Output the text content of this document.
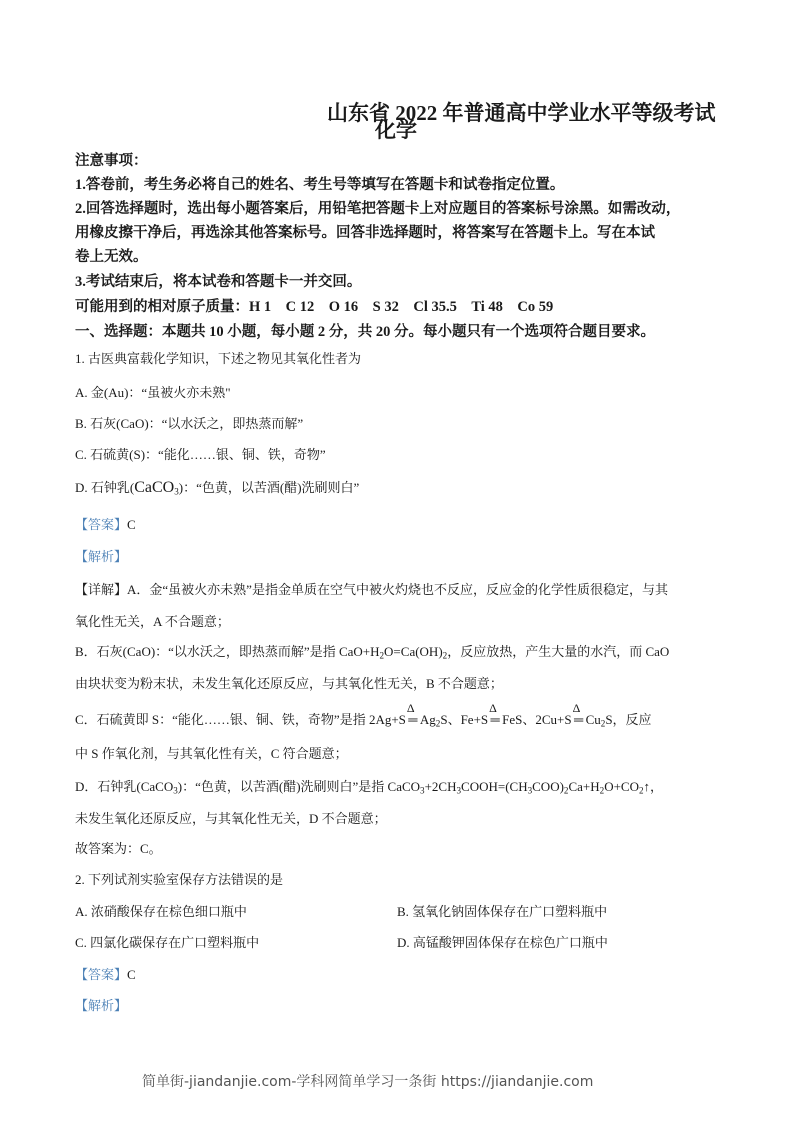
山东省 2022 年普通高中学业水平等级考试
化学
注意事项：
1.答卷前，考生务必将自己的姓名、考生号等填写在答题卡和试卷指定位置。
2.回答选择题时，选出每小题答案后，用铅笔把答题卡上对应题目的答案标号涂黑。如需改动，
用橡皮擦干净后，再选涂其他答案标号。回答非选择题时，将答案写在答题卡上。写在本试
卷上无效。
3.考试结束后，将本试卷和答题卡一并交回。
可能用到的相对原子质量：H 1　C 12　O 16　S 32　Cl 35.5　Ti 48　Co 59
一、选择题：本题共 10 小题，每小题 2 分，共 20 分。每小题只有一个选项符合题目要求。
1. 古医典富载化学知识，下述之物见其氧化性者为
A. 金(Au)：“虽被火亦未熟"
B. 石灰(CaO)：“以水沃之，即热蒸而解”
C. 石硫黄(S)：“能化……银、铜、铁，奇物”
D. 石钟乳(CaCO$_3$)：“色黄，以苦酒(醋)洗刷则白”
【答案】C
【解析】
【详解】A．金“虽被火亦未熟”是指金单质在空气中被火灼烧也不反应，反应金的化学性质很稳定，与其
氧化性无关，A 不合题意；
B．石灰(CaO)：“以水沃之，即热蒸而解”是指 $CaO+H_2O=Ca(OH)_2$，反应放热，产生大量的水汽，而 CaO
由块状变为粉末状，未发生氧化还原反应，与其氧化性无关，B 不合题意；
C．石硫黄即 S：“能化……银、铜、铁，奇物”是指 2Ag+S
Δ
═ $Ag_2S$、Fe+S
Δ
═ FeS、2Cu+S
Δ
═ $Cu_2S$，反应
中 S 作氧化剂，与其氧化性有关，C 符合题意；
D．石钟乳(CaCO$_3$)：“色黄，以苦酒(醋)洗刷则白”是指 $CaCO_3+2CH_3COOH=(CH_3COO)_2Ca+H_2O+CO_2↑$，
未发生氧化还原反应，与其氧化性无关，D 不合题意；
故答案为：C。
2. 下列试剂实验室保存方法错误的是
A. 浓硝酸保存在棕色细口瓶中	B. 氢氧化钠固体保存在广口塑料瓶中
C. 四氯化碳保存在广口塑料瓶中	D. 高锰酸钾固体保存在棕色广口瓶中
【答案】C
【解析】
简单街-jiandanjie.com-学科网简单学习一条街 https://jiandanjie.com
